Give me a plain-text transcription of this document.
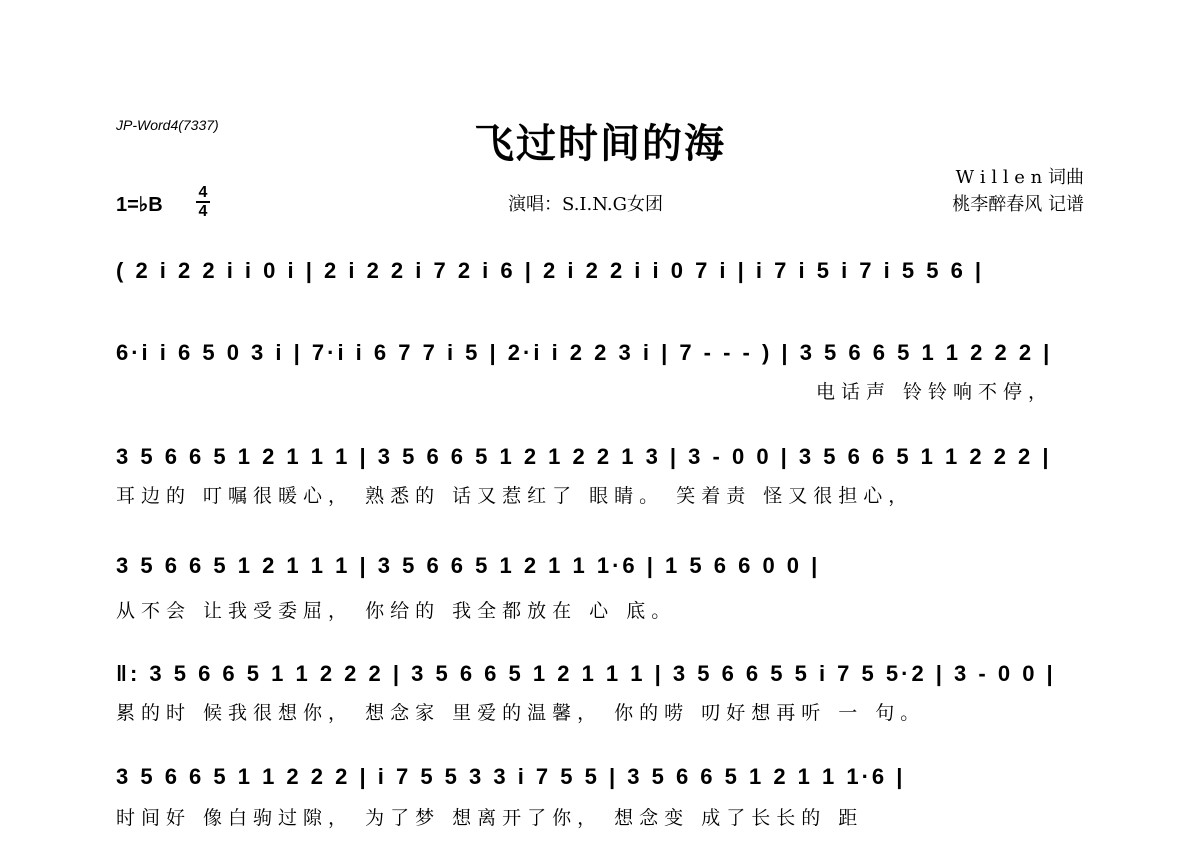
JP-Word4(7337)	飞过时间的海
演唱：S.I.N.G女团
W i l l e n 词曲
桃李醉春风 记谱
1=♭B
4
4
( 2 i 2 2 i i 0 i | 2 i 2 2 i 7 2 i 6 | 2 i 2 2 i i 0 7 i | i 7 i 5 i 7 i 5 5 6 |
6·i i 6 5 0 3 i | 7·i i 6 7 7 i 5 | 2·i i 2 2 3 i | 7 - - - ) | 3 5 6 6 5 1 1 2 2 2 |
电话声 铃铃响不停，
3 5 6 6 5 1 2 1 1 1 | 3 5 6 6 5 1 2 1 2 2 1 3 | 3 - 0 0 | 3 5 6 6 5 1 1 2 2 2 |
耳边的 叮嘱很暖心， 熟悉的 话又惹红了 眼睛。 笑着责 怪又很担心，
3 5 6 6 5 1 2 1 1 1 | 3 5 6 6 5 1 2 1 1 1·6 | 1 5 6 6 0 0 |
从不会 让我受委屈， 你给的 我全都放在 心 底。
‖: 3 5 6 6 5 1 1 2 2 2 | 3 5 6 6 5 1 2 1 1 1 | 3 5 6 6 5 5 i 7 5 5·2 | 3 - 0 0 |
累的时 候我很想你， 想念家 里爱的温馨， 你的唠 叨好想再听 一 句。
3 5 6 6 5 1 1 2 2 2 | i 7 5 5 3 3 i 7 5 5 | 3 5 6 6 5 1 2 1 1 1·6 |
时间好 像白驹过隙， 为了梦 想离开了你， 想念变 成了长长的 距
